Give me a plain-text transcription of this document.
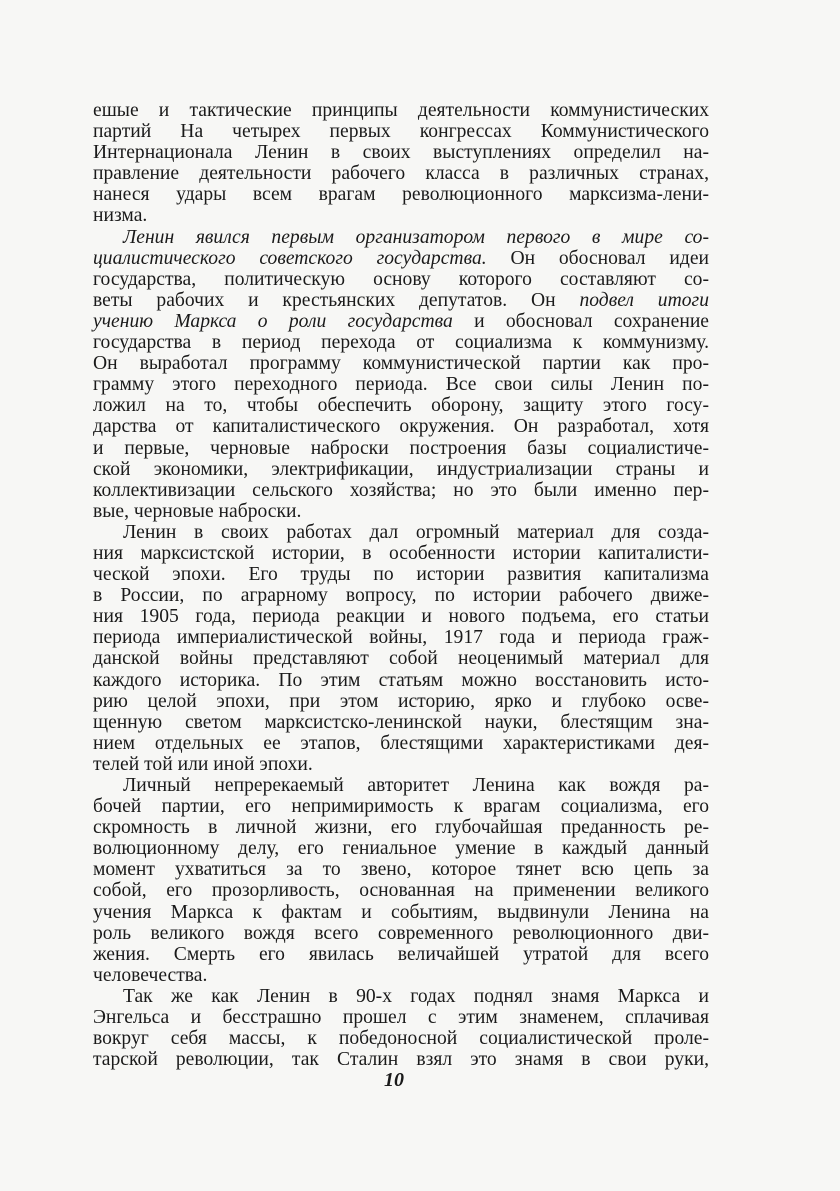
ешые и тактические принципы деятельности коммунистических
партий На четырех первых конгрессах Коммунистического
Интернационала Ленин в своих выступлениях определил на-
правление деятельности рабочего класса в различных странах,
нанеся удары всем врагам революционного марксизма-лени-
низма.
Ленин явился первым организатором первого в мире со-
циалистического советского государства. Он обосновал идеи
государства, политическую основу которого составляют со-
веты рабочих и крестьянских депутатов. Он подвел итоги
учению Маркса о роли государства и обосновал сохранение
государства в период перехода от социализма к коммунизму.
Он выработал программу коммунистической партии как про-
грамму этого переходного периода. Все свои силы Ленин по-
ложил на то, чтобы обеспечить оборону, защиту этого госу-
дарства от капиталистического окружения. Он разработал, хотя
и первые, черновые наброски построения базы социалистиче-
ской экономики, электрификации, индустриализации страны и
коллективизации сельского хозяйства; но это были именно пер-
вые, черновые наброски.
Ленин в своих работах дал огромный материал для созда-
ния марксистской истории, в особенности истории капиталисти-
ческой эпохи. Его труды по истории развития капитализма
в России, по аграрному вопросу, по истории рабочего движе-
ния 1905 года, периода реакции и нового подъема, его статьи
периода империалистической войны, 1917 года и периода граж-
данской войны представляют собой неоценимый материал для
каждого историка. По этим статьям можно восстановить исто-
рию целой эпохи, при этом историю, ярко и глубоко осве-
щенную светом марксистско-ленинской науки, блестящим зна-
нием отдельных ее этапов, блестящими характеристиками дея-
телей той или иной эпохи.
Личный непререкаемый авторитет Ленина как вождя ра-
бочей партии, его непримиримость к врагам социализма, его
скромность в личной жизни, его глубочайшая преданность ре-
волюционному делу, его гениальное умение в каждый данный
момент ухватиться за то звено, которое тянет всю цепь за
собой, его прозорливость, основанная на применении великого
учения Маркса к фактам и событиям, выдвинули Ленина на
роль великого вождя всего современного революционного дви-
жения. Смерть его явилась величайшей утратой для всего
человечества.
Так же как Ленин в 90-х годах поднял знамя Маркса и
Энгельса и бесстрашно прошел с этим знаменем, сплачивая
вокруг себя массы, к победоносной социалистической проле-
тарской революции, так Сталин взял это знамя в свои руки,
10
